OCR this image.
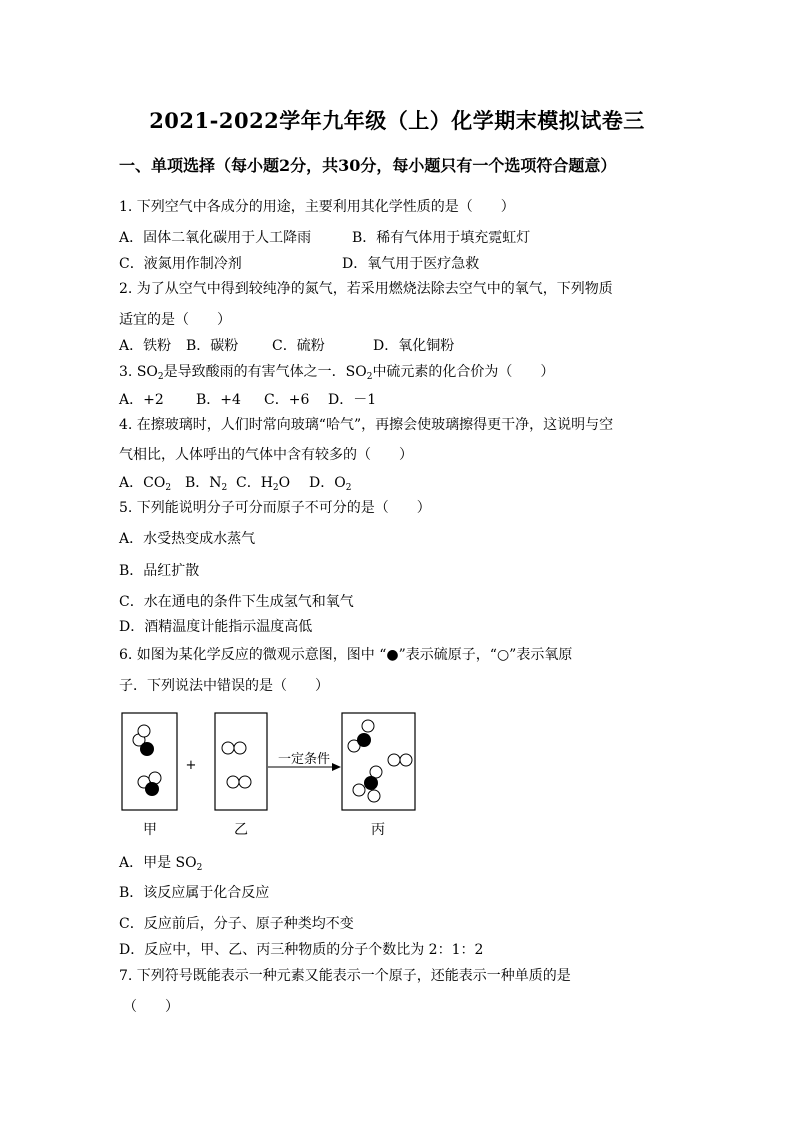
2021-2022学年九年级（上）化学期末模拟试卷三
一、单项选择（每小题2分，共30分，每小题只有一个选项符合题意）
1. 下列空气中各成分的用途，主要利用其化学性质的是（　　）
A．固体二氧化碳用于人工降雨	B．稀有气体用于填充霓虹灯
C．液氮用作制冷剂	D．氧气用于医疗急救
2. 为了从空气中得到较纯净的氮气，若采用燃烧法除去空气中的氧气，下列物质
适宜的是（　　）
A．铁粉 B．碳粉 C．硫粉	D．氧化铜粉
3. $SO_2$是导致酸雨的有害气体之一．$SO_2$中硫元素的化合价为（　　）
A．+2 B．+4 C．+6 D．－1
4. 在擦玻璃时，人们时常向玻璃“哈气”，再擦会使玻璃擦得更干净，这说明与空
气相比，人体呼出的气体中含有较多的（　　）
A．$CO_2$ B．$N_2$ C．$H_2O$ D．$O_2$
5. 下列能说明分子可分而原子不可分的是（　　）
A．水受热变成水蒸气
B．品红扩散
C．水在通电的条件下生成氢气和氧气
D．酒精温度计能指示温度高低
6. 如图为某化学反应的微观示意图，图中 “●”表示硫原子，“○”表示氧原
子．下列说法中错误的是（　　）
+	一定条件
甲	乙	丙
A．甲是 $SO_2$
B．该反应属于化合反应
C．反应前后，分子、原子种类均不变
D．反应中，甲、乙、丙三种物质的分子个数比为 2：1：2
7. 下列符号既能表示一种元素又能表示一个原子，还能表示一种单质的是
（　　）
